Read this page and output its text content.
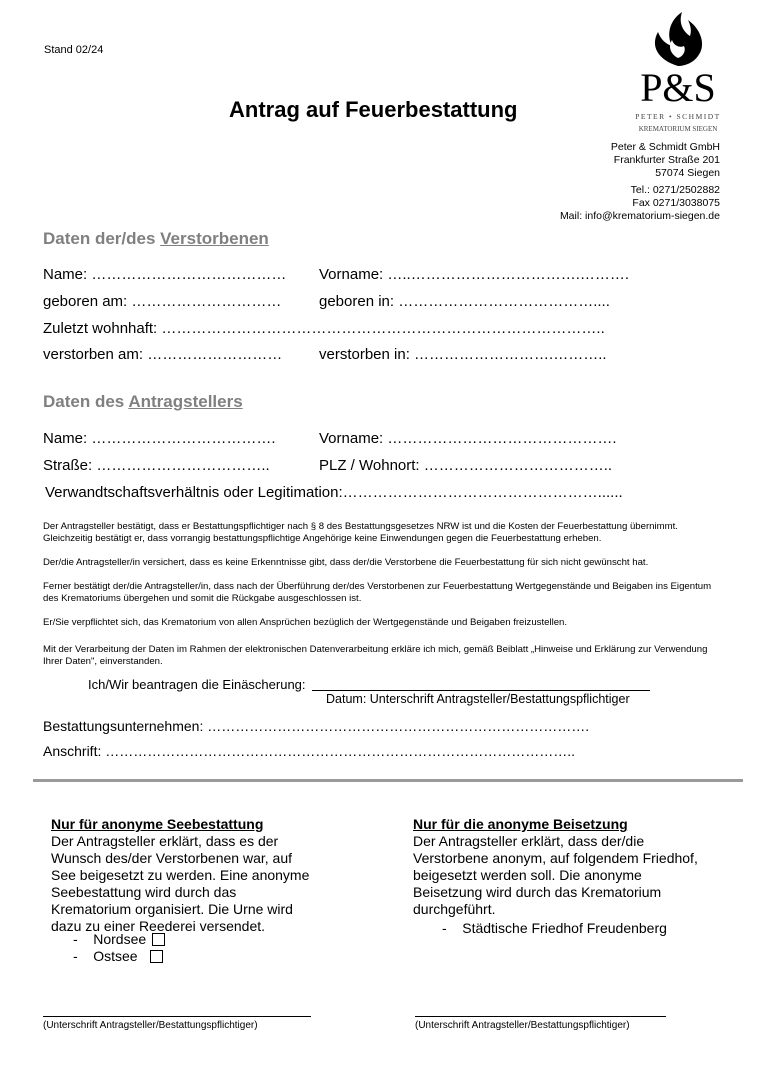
Stand 02/24
Antrag auf Feuerbestattung	P&S
PETER • SCHMIDT
KREMATORIUM SIEGEN
Peter & Schmidt GmbH
Frankfurter Straße 201
57074 Siegen
Tel.: 0271/2502882
Fax 0271/3038075
Mail: info@krematorium-siegen.de
Daten der/des Verstorbenen
Name: ………………………………… Vorname: …..…………………………….……….
geboren am: …………………………	geboren in: …………………………………....
Zuletzt wohnhaft: ……………………………………………………………………………..
verstorben am: ……………………… verstorben in: ……………………….………..
Daten des Antragstellers
Name: ……………………………….	Vorname: ……………………………………….
Straße: ……………………………..	PLZ / Wohnort: ………………………………..
Verwandtschaftsverhältnis oder Legitimation:……………………………………………......
Der Antragsteller bestätigt, dass er Bestattungspflichtiger nach § 8 des Bestattungsgesetzes NRW ist und die Kosten der Feuerbestattung übernimmt. Gleichzeitig bestätigt er, dass vorrangig bestattungspflichtige Angehörige keine Einwendungen gegen die Feuerbestattung erheben.
Der/die Antragsteller/in versichert, dass es keine Erkenntnisse gibt, dass der/die Verstorbene die Feuerbestattung für sich nicht gewünscht hat.
Ferner bestätigt der/die Antragsteller/in, dass nach der Überführung der/des Verstorbenen zur Feuerbestattung Wertgegenstände und Beigaben ins Eigentum des Krematoriums übergehen und somit die Rückgabe ausgeschlossen ist.
Er/Sie verpflichtet sich, das Krematorium von allen Ansprüchen bezüglich der Wertgegenstände und Beigaben freizustellen.
Mit der Verarbeitung der Daten im Rahmen der elektronischen Datenverarbeitung erkläre ich mich, gemäß Beiblatt „Hinweise und Erklärung zur Verwendung Ihrer Daten", einverstanden.
Ich/Wir beantragen die Einäscherung:
Datum: Unterschrift Antragsteller/Bestattungspflichtiger
Bestattungsunternehmen: ……………………………………………………………………….
Anschrift: ………………………………………………………………………………………..
Nur für anonyme Seebestattung
Der Antragsteller erklärt, dass es der Wunsch des/der Verstorbenen war, auf See beigesetzt zu werden. Eine anonyme Seebestattung wird durch das Krematorium organisiert. Die Urne wird dazu zu einer Reederei versendet.
-    Nordsee
-    Ostsee
(Unterschrift Antragsteller/Bestattungspflichtiger)
Nur für die anonyme Beisetzung
Der Antragsteller erklärt, dass der/die Verstorbene anonym, auf folgendem Friedhof, beigesetzt werden soll. Die anonyme Beisetzung wird durch das Krematorium durchgeführt.
-    Städtische Friedhof Freudenberg
(Unterschrift Antragsteller/Bestattungspflichtiger)
